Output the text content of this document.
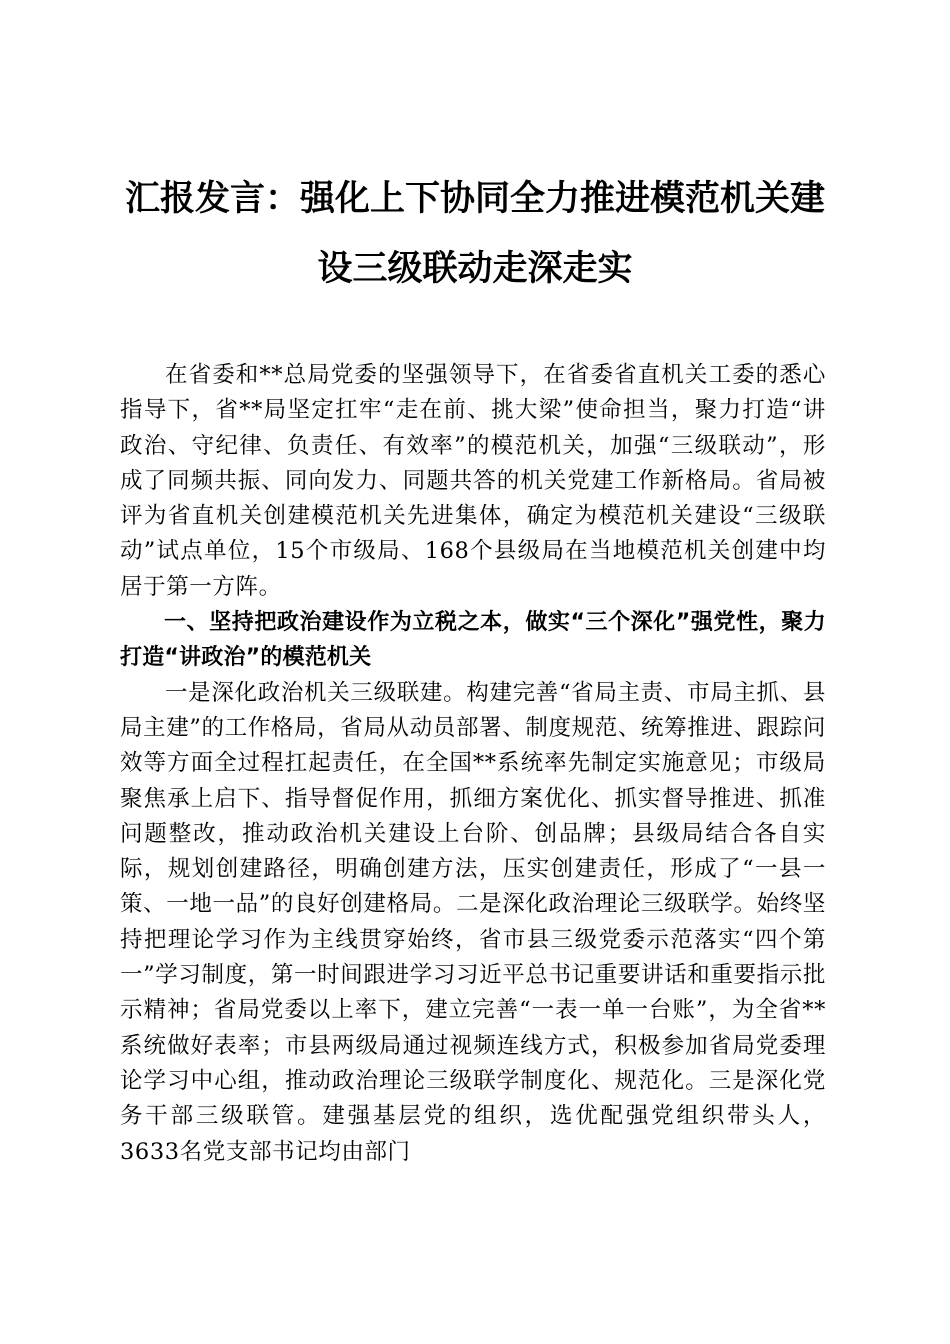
汇报发言：强化上下协同全力推进模范机关建设三级联动走深走实

在省委和**总局党委的坚强领导下，在省委省直机关工委的悉心指导下，省**局坚定扛牢“走在前、挑大梁”使命担当，聚力打造“讲政治、守纪律、负责任、有效率”的模范机关，加强“三级联动”，形成了同频共振、同向发力、同题共答的机关党建工作新格局。省局被评为省直机关创建模范机关先进集体，确定为模范机关建设“三级联动”试点单位，15个市级局、168个县级局在当地模范机关创建中均居于第一方阵。

一、坚持把政治建设作为立税之本，做实“三个深化”强党性，聚力打造“讲政治”的模范机关

一是深化政治机关三级联建。构建完善“省局主责、市局主抓、县局主建”的工作格局，省局从动员部署、制度规范、统筹推进、跟踪问效等方面全过程扛起责任，在全国**系统率先制定实施意见；市级局聚焦承上启下、指导督促作用，抓细方案优化、抓实督导推进、抓准问题整改，推动政治机关建设上台阶、创品牌；县级局结合各自实际，规划创建路径，明确创建方法，压实创建责任，形成了“一县一策、一地一品”的良好创建格局。二是深化政治理论三级联学。始终坚持把理论学习作为主线贯穿始终，省市县三级党委示范落实“四个第一”学习制度，第一时间跟进学习习近平总书记重要讲话和重要指示批示精神；省局党委以上率下，建立完善“一表一单一台账”，为全省**系统做好表率；市县两级局通过视频连线方式，积极参加省局党委理论学习中心组，推动政治理论三级联学制度化、规范化。三是深化党务干部三级联管。建强基层党的组织，选优配强党组织带头人，3633名党支部书记均由部门
